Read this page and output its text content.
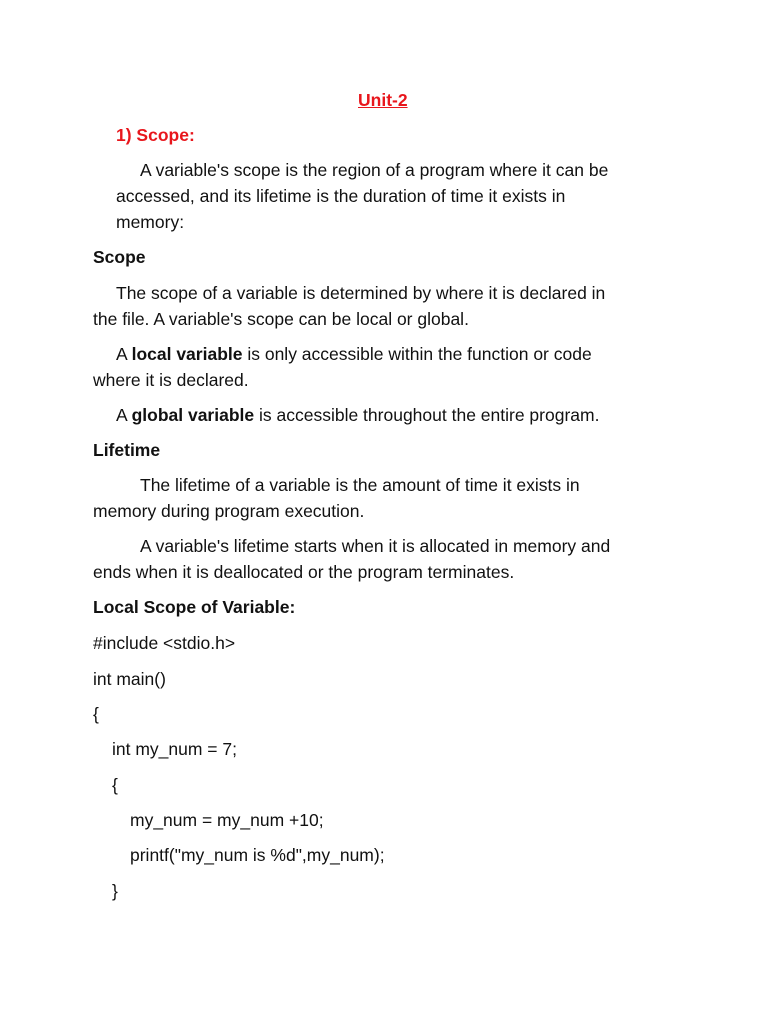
Unit-2
1) Scope:
A variable's scope is the region of a program where it can be
accessed, and its lifetime is the duration of time it exists in
memory:
Scope
The scope of a variable is determined by where it is declared in
the file. A variable's scope can be local or global.
A local variable is only accessible within the function or code
where it is declared.
A global variable is accessible throughout the entire program.
Lifetime
The lifetime of a variable is the amount of time it exists in
memory during program execution.
A variable's lifetime starts when it is allocated in memory and
ends when it is deallocated or the program terminates.
Local Scope of Variable:
#include <stdio.h>
int main()
{
int my_num = 7;
{
my_num = my_num +10;
printf("my_num is %d",my_num);
}
